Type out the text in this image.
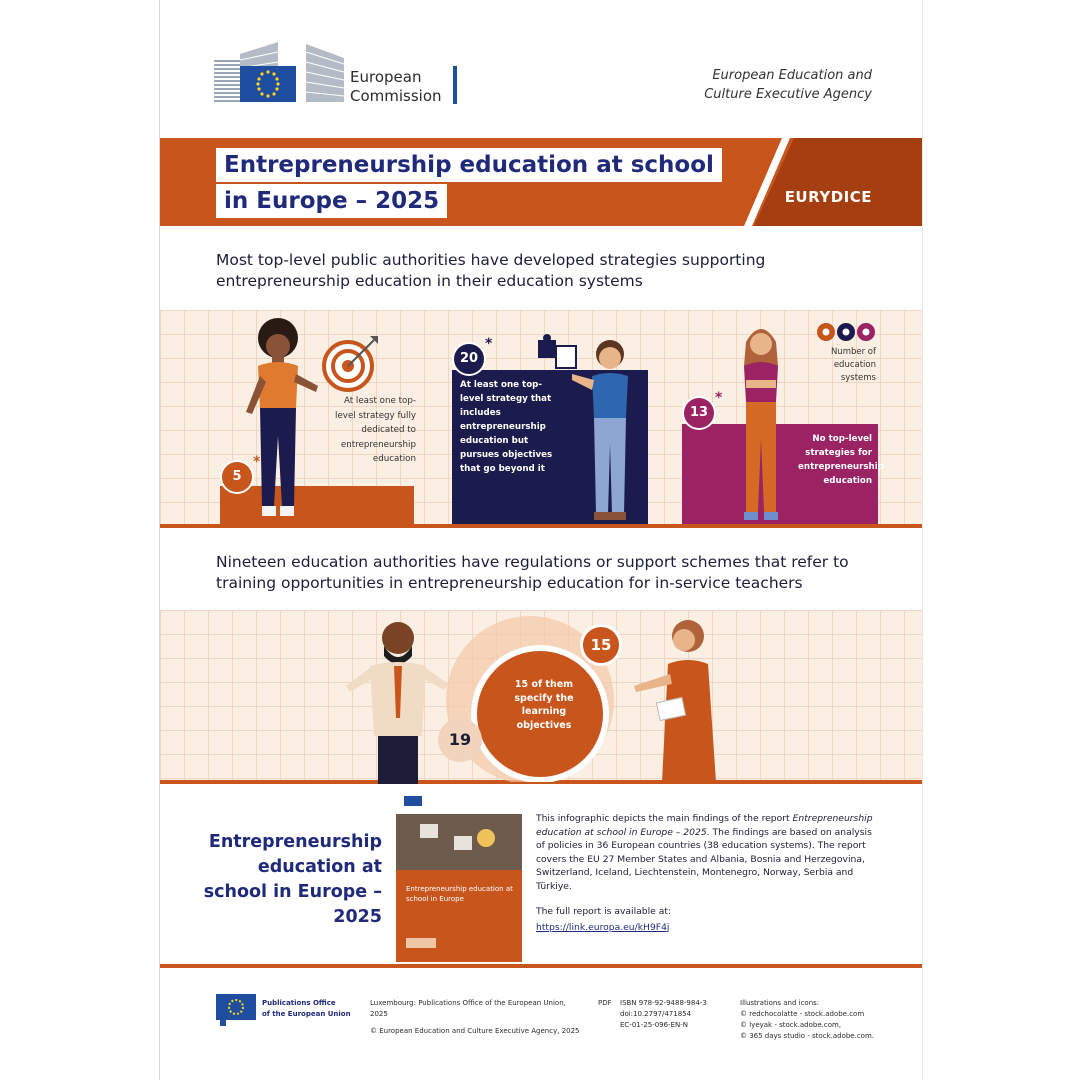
European
Commission
European Education and
Culture Executive Agency
Entrepreneurship education at school
in Europe – 2025	EURYDICE
Most top-level public authorities have developed strategies supporting entrepreneurship education in their education systems
Number of education systems
5
*
At least one top-level strategy fully dedicated to entrepreneurship education
20
*
At least one top-level strategy that includes entrepreneurship education but pursues objectives that go beyond it
13
*
No top-level strategies for entrepreneurship education
Nineteen education authorities have regulations or support schemes that refer to training opportunities in entrepreneurship education for in-service teachers
19
15
15 of them specify the learning objectives
Entrepreneurship education at school in Europe – 2025
Entrepreneurship education at school in Europe
This infographic depicts the main findings of the report Entrepreneurship education at school in Europe – 2025. The findings are based on analysis of policies in 36 European countries (38 education systems). The report covers the EU 27 Member States and Albania, Bosnia and Herzegovina, Switzerland, Iceland, Liechtenstein, Montenegro, Norway, Serbia and Türkiye.
The full report is available at:
https://link.europa.eu/kH9F4j
Publications Office
of the European Union
Luxembourg: Publications Office of the European Union, 2025
© European Education and Culture Executive Agency, 2025
PDF ISBN 978-92-9488-984-3
doi:10.2797/471854
EC-01-25-096-EN-N
Illustrations and icons:
© redchocolatte - stock.adobe.com
© lyeyak - stock.adobe.com,
© 365 days studio - stock.adobe.com.
